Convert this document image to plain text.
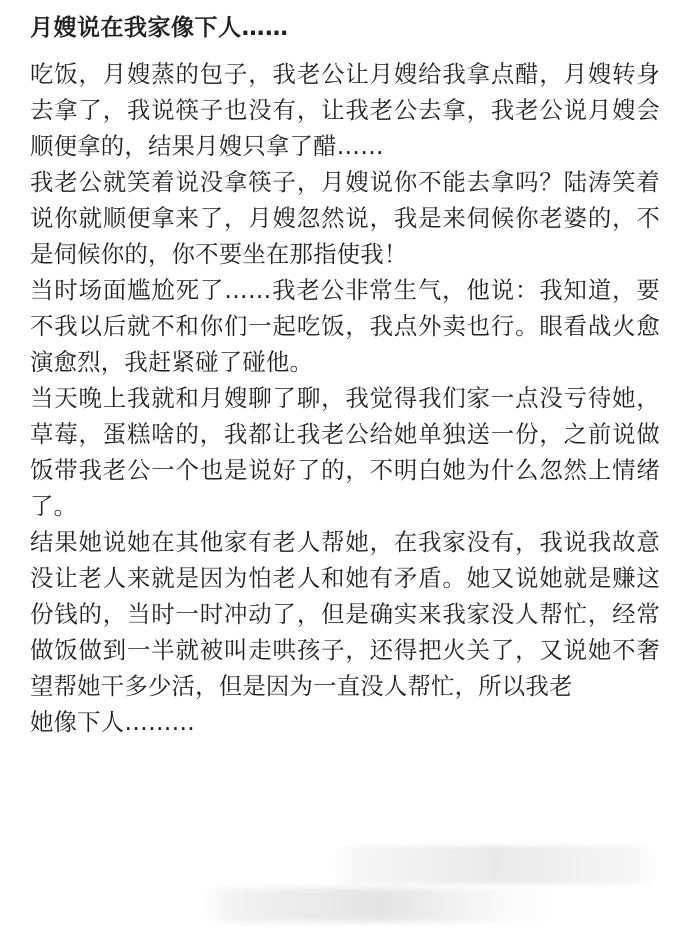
月嫂说在我家像下人……

吃饭，月嫂蒸的包子，我老公让月嫂给我拿点醋，月嫂转身去拿了，我说筷子也没有，让我老公去拿，我老公说月嫂会顺便拿的，结果月嫂只拿了醋……

我老公就笑着说没拿筷子，月嫂说你不能去拿吗？陆涛笑着说你就顺便拿来了，月嫂忽然说，我是来伺候你老婆的，不是伺候你的，你不要坐在那指使我！

当时场面尴尬死了……我老公非常生气，他说：我知道，要不我以后就不和你们一起吃饭，我点外卖也行。眼看战火愈演愈烈，我赶紧碰了碰他。

当天晚上我就和月嫂聊了聊，我觉得我们家一点没亏待她，草莓，蛋糕啥的，我都让我老公给她单独送一份，之前说做饭带我老公一个也是说好了的，不明白她为什么忽然上情绪了。

结果她说她在其他家有老人帮她，在我家没有，我说我故意没让老人来就是因为怕老人和她有矛盾。她又说她就是赚这份钱的，当时一时冲动了，但是确实来我家没人帮忙，经常做饭做到一半就被叫走哄孩子，还得把火关了，又说她不奢望帮她干多少活，但是因为一直没人帮忙，所以我老

她像下人………
